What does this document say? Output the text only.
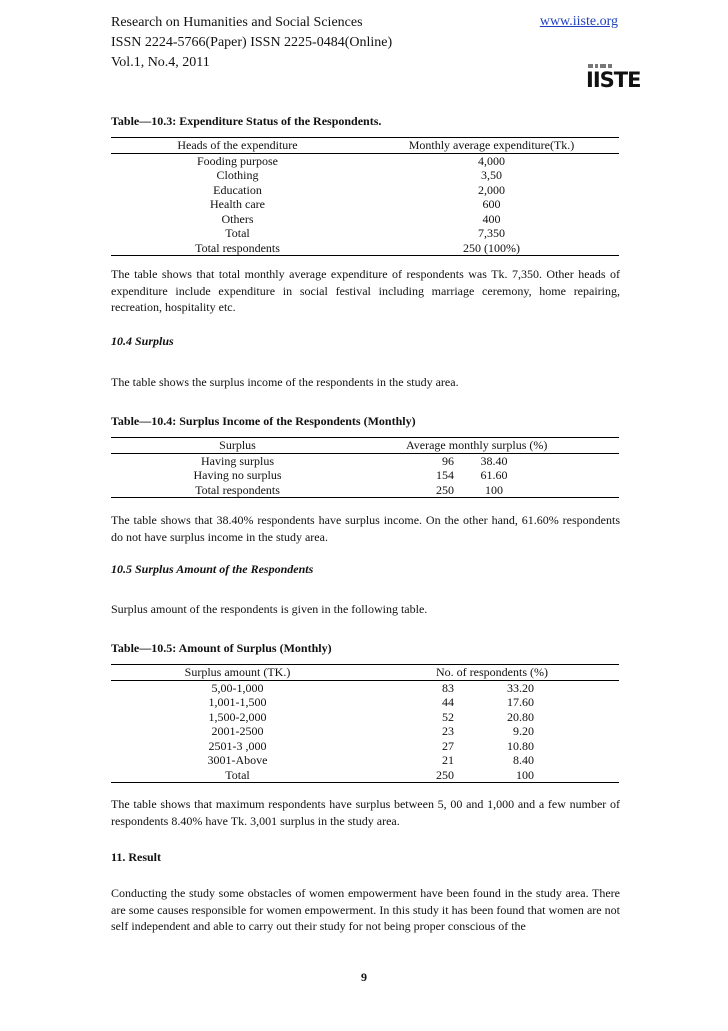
Research on Humanities and Social Sciences
ISSN 2224-5766(Paper) ISSN 2225-0484(Online)
Vol.1, No.4, 2011
www.iiste.org
IISTE
Table—10.3: Expenditure Status of the Respondents.
Heads of the expenditure	Monthly average expenditure(Tk.)
Fooding purpose	4,000
Clothing	3,50
Education	2,000
Health care	600
Others	400
Total	7,350
Total respondents	250 (100%)
The table shows that total monthly average expenditure of respondents was Tk. 7,350. Other heads of expenditure include expenditure in social festival including marriage ceremony, home repairing, recreation, hospitality etc.
10.4 Surplus
The table shows the surplus income of the respondents in the study area.
Table—10.4: Surplus Income of the Respondents (Monthly)
Surplus	Average monthly surplus (%)		
Having surplus	96	38.40	
Having no surplus	154	61.60	
Total respondents	250	100	
The table shows that 38.40% respondents have surplus income. On the other hand, 61.60% respondents do not have surplus income in the study area.
10.5 Surplus Amount of the Respondents
Surplus amount of the respondents is given in the following table.
Table—10.5: Amount of Surplus (Monthly)
Surplus amount (TK.)	No. of respondents (%)		
5,00-1,000	83	33.20	
1,001-1,500	44	17.60	
1,500-2,000	52	20.80	
2001-2500	23	9.20	
2501-3 ,000	27	10.80	
3001-Above	21	8.40	
Total	250	100	
The table shows that maximum respondents have surplus between 5, 00 and 1,000 and a few number of respondents 8.40% have Tk. 3,001 surplus in the study area.
11. Result
Conducting the study some obstacles of women empowerment have been found in the study area. There are some causes responsible for women empowerment. In this study it has been found that women are not self independent and able to carry out their study for not being proper conscious of the
9
